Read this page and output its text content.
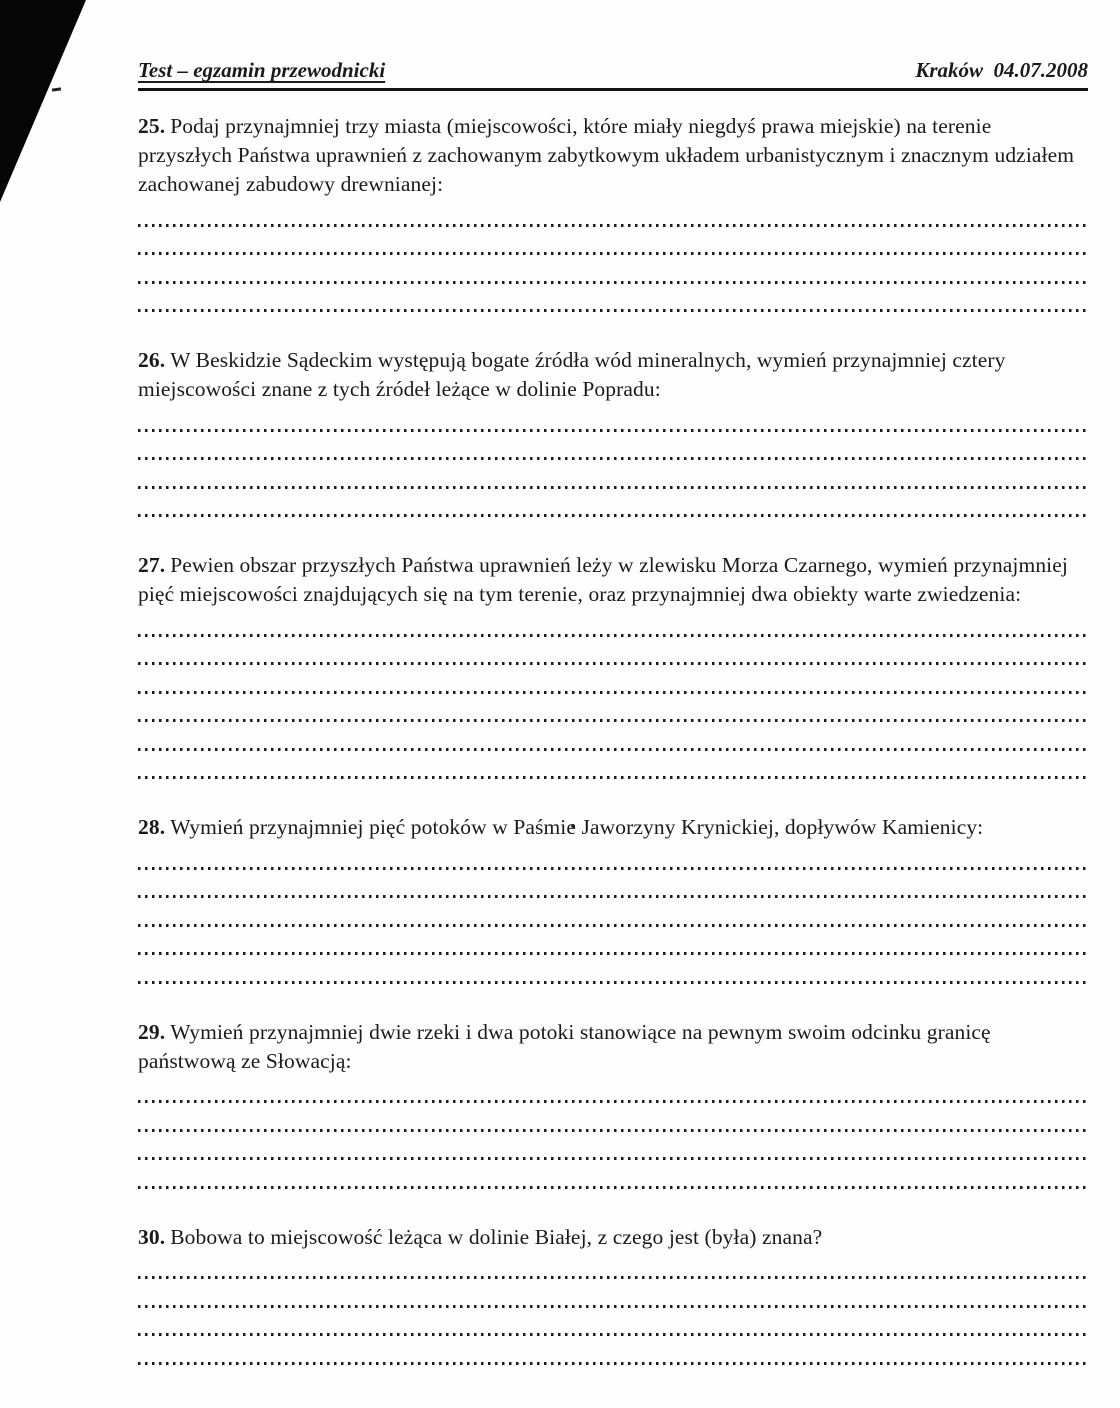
Test – egzamin przewodnicki	Kraków  04.07.2008

25. Podaj przynajmniej trzy miasta (miejscowości, które miały niegdyś prawa miejskie) na terenie przyszłych Państwa uprawnień z zachowanym zabytkowym układem urbanistycznym i znacznym udziałem zachowanej zabudowy drewnianej:

26. W Beskidzie Sądeckim występują bogate źródła wód mineralnych, wymień przynajmniej cztery miejscowości znane z tych źródeł leżące w dolinie Popradu:

27. Pewien obszar przyszłych Państwa uprawnień leży w zlewisku Morza Czarnego, wymień przynajmniej pięć miejscowości znajdujących się na tym terenie, oraz przynajmniej dwa obiekty warte zwiedzenia:

28. Wymień przynajmniej pięć potoków w Paśmie Jaworzyny Krynickiej, dopływów Kamienicy:

29. Wymień przynajmniej dwie rzeki i dwa potoki stanowiące na pewnym swoim odcinku granicę państwową ze Słowacją:

30. Bobowa to miejscowość leżąca w dolinie Białej, z czego jest (była) znana?
